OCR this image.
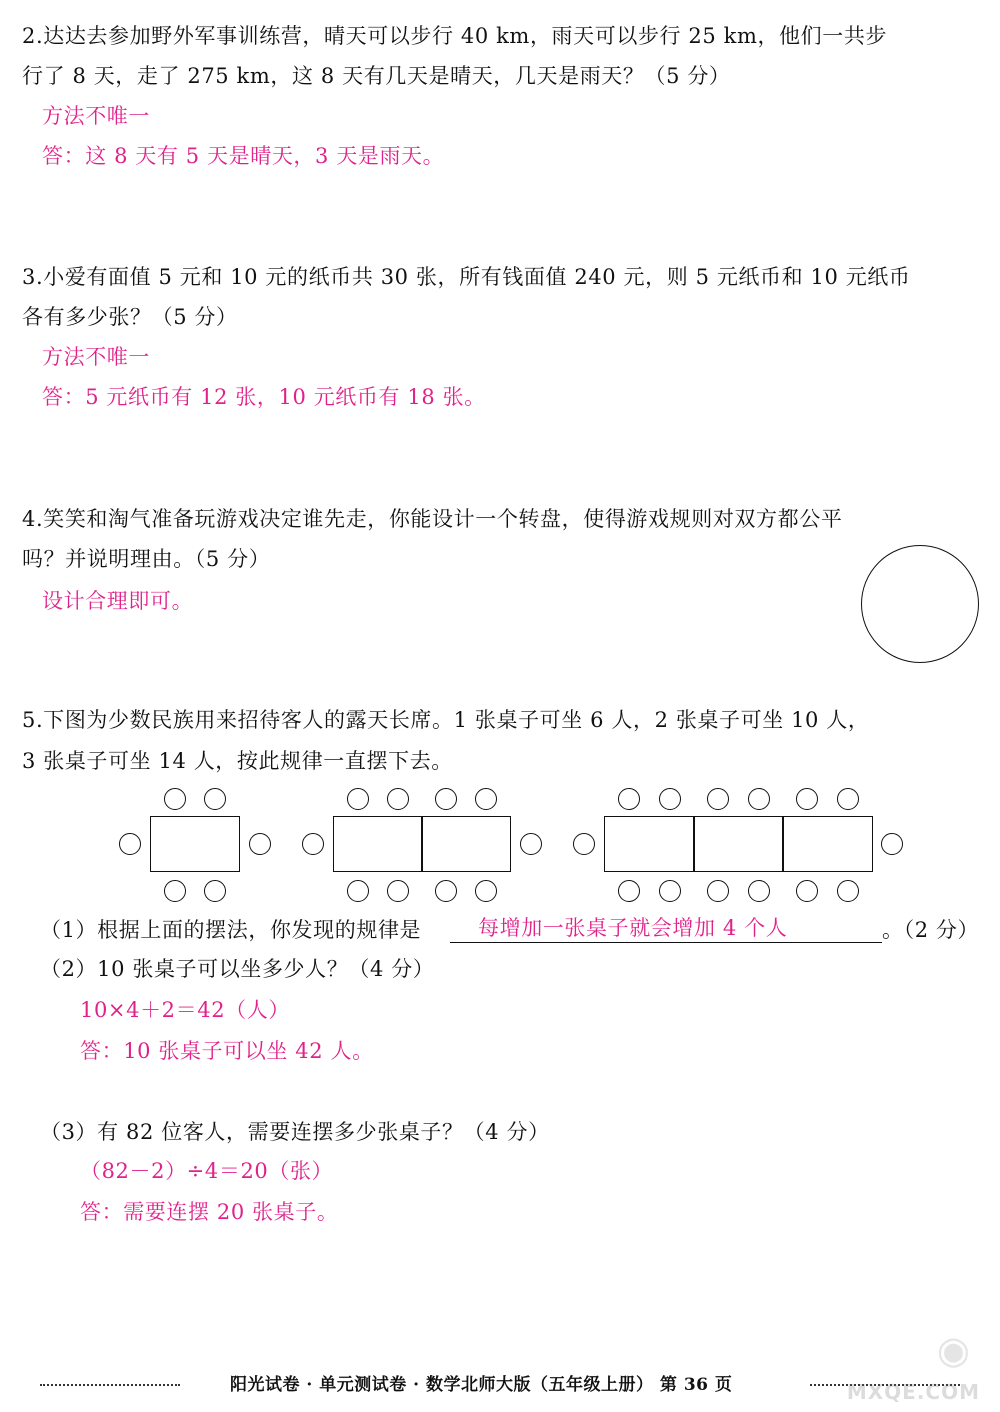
2.达达去参加野外军事训练营，晴天可以步行 40 km，雨天可以步行 25 km，他们一共步
行了 8 天，走了 275 km，这 8 天有几天是晴天，几天是雨天？（5 分）
方法不唯一
答：这 8 天有 5 天是晴天，3 天是雨天。
3.小爱有面值 5 元和 10 元的纸币共 30 张，所有钱面值 240 元，则 5 元纸币和 10 元纸币
各有多少张？（5 分）
方法不唯一
答：5 元纸币有 12 张，10 元纸币有 18 张。
4.笑笑和淘气准备玩游戏决定谁先走，你能设计一个转盘，使得游戏规则对双方都公平
吗？并说明理由。（5 分）
设计合理即可。
5.下图为少数民族用来招待客人的露天长席。1 张桌子可坐 6 人，2 张桌子可坐 10 人，
3 张桌子可坐 14 人，按此规律一直摆下去。
（1）根据上面的摆法，你发现的规律是	每增加一张桌子就会增加 4 个人	。（2 分）
（2）10 张桌子可以坐多少人？（4 分）
10×4＋2＝42（人）
答：10 张桌子可以坐 42 人。
（3）有 82 位客人，需要连摆多少张桌子？（4 分）
（82－2）÷4＝20（张）
答：需要连摆 20 张桌子。
阳光试卷 · 单元测试卷 · 数学北师大版（五年级上册） 第 36 页
◉
MXQE.COM
